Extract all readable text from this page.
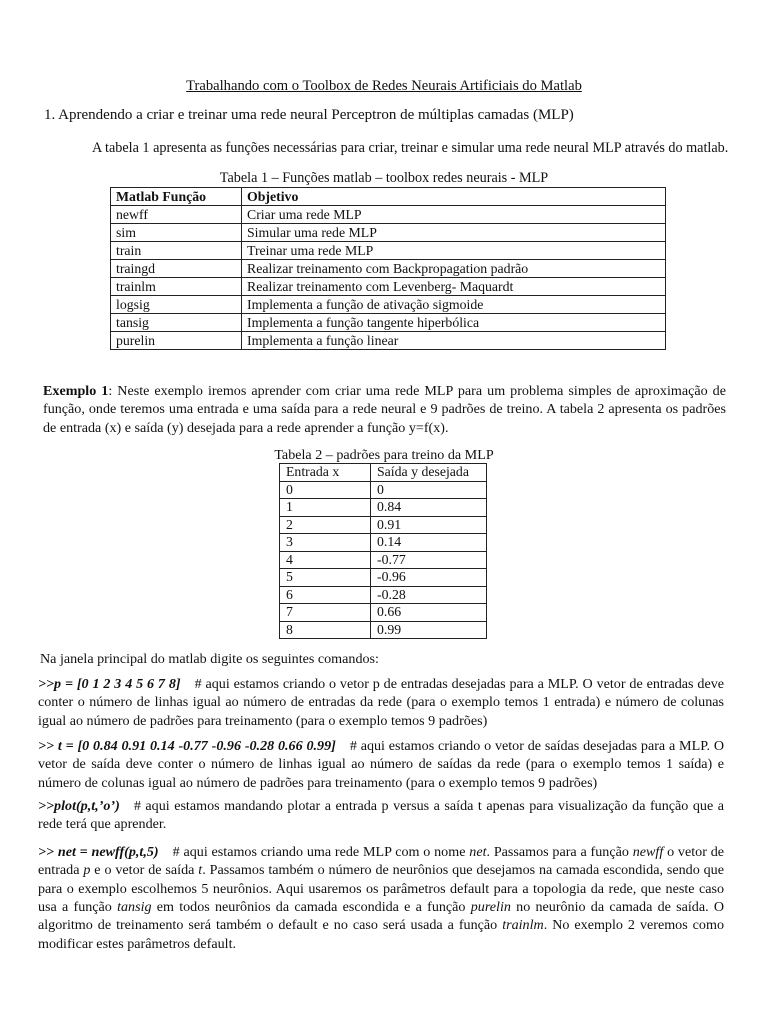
Trabalhando com o Toolbox de Redes Neurais Artificiais do Matlab
1. Aprendendo a criar e treinar uma rede neural Perceptron de múltiplas camadas (MLP)

A tabela 1 apresenta as funções necessárias para criar, treinar e simular uma rede neural MLP através do matlab.

Tabela 1 – Funções matlab – toolbox redes neurais - MLP

Matlab Função	Objetivo
newff	Criar uma rede MLP
sim	Simular uma rede MLP
train	Treinar uma rede MLP
traingd	Realizar treinamento com Backpropagation padrão
trainlm	Realizar treinamento com Levenberg- Maquardt
logsig	Implementa a função de ativação sigmoide
tansig	Implementa a função tangente hiperbólica
purelin	Implementa a função linear

Exemplo 1: Neste exemplo iremos aprender com criar uma rede MLP para um problema simples de aproximação de função, onde teremos uma entrada e uma saída para a rede neural e 9 padrões de treino. A tabela 2 apresenta os padrões de entrada (x) e saída (y) desejada para a rede aprender a função y=f(x).

Tabela 2 – padrões para treino da MLP

Entrada x	Saída y desejada
0	0
1	0.84
2	0.91
3	0.14
4	-0.77
5	-0.96
6	-0.28
7	0.66
8	0.99

Na janela principal do matlab digite os seguintes comandos:

>>p = [0 1 2 3 4 5 6 7 8] # aqui estamos criando o vetor p de entradas desejadas para a MLP. O vetor de entradas deve conter o número de linhas igual ao número de entradas da rede (para o exemplo temos 1 entrada) e número de colunas igual ao número de padrões para treinamento (para o exemplo temos 9 padrões)

>> t = [0 0.84 0.91 0.14 -0.77 -0.96 -0.28 0.66 0.99] # aqui estamos criando o vetor de saídas desejadas para a MLP. O vetor de saída deve conter o número de linhas igual ao número de saídas da rede (para o exemplo temos 1 saída) e número de colunas igual ao número de padrões para treinamento (para o exemplo temos 9 padrões)

>>plot(p,t,’o’) # aqui estamos mandando plotar a entrada p versus a saída t apenas para visualização da função que a rede terá que aprender.

>> net = newff(p,t,5) # aqui estamos criando uma rede MLP com o nome net. Passamos para a função newff o vetor de entrada p e o vetor de saída t. Passamos também o número de neurônios que desejamos na camada escondida, sendo que para o exemplo escolhemos 5 neurônios. Aqui usaremos os parâmetros default para a topologia da rede, que neste caso usa a função tansig em todos neurônios da camada escondida e a função purelin no neurônio da camada de saída. O algoritmo de treinamento será também o default e no caso será usada a função trainlm. No exemplo 2 veremos como modificar estes parâmetros default.
